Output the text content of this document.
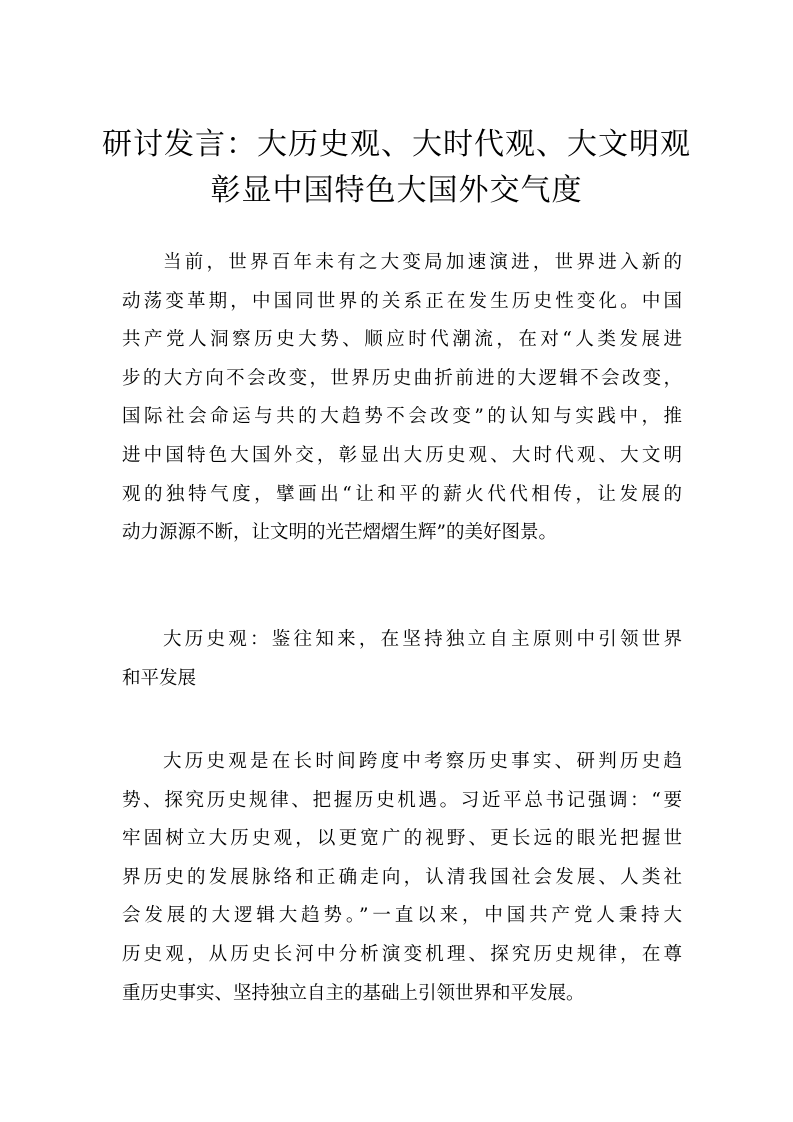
研讨发言：大历史观、大时代观、大文明观
彰显中国特色大国外交气度
当前，世界百年未有之大变局加速演进，世界进入新的
动荡变革期，中国同世界的关系正在发生历史性变化。中国
共产党人洞察历史大势、顺应时代潮流，在对“人类发展进
步的大方向不会改变，世界历史曲折前进的大逻辑不会改变，
国际社会命运与共的大趋势不会改变”的认知与实践中，推
进中国特色大国外交，彰显出大历史观、大时代观、大文明
观的独特气度，擘画出“让和平的薪火代代相传，让发展的
动力源源不断，让文明的光芒熠熠生辉”的美好图景。
大历史观：鉴往知来，在坚持独立自主原则中引领世界
和平发展
大历史观是在长时间跨度中考察历史事实、研判历史趋
势、探究历史规律、把握历史机遇。习近平总书记强调：“要
牢固树立大历史观，以更宽广的视野、更长远的眼光把握世
界历史的发展脉络和正确走向，认清我国社会发展、人类社
会发展的大逻辑大趋势。”一直以来，中国共产党人秉持大
历史观，从历史长河中分析演变机理、探究历史规律，在尊
重历史事实、坚持独立自主的基础上引领世界和平发展。
